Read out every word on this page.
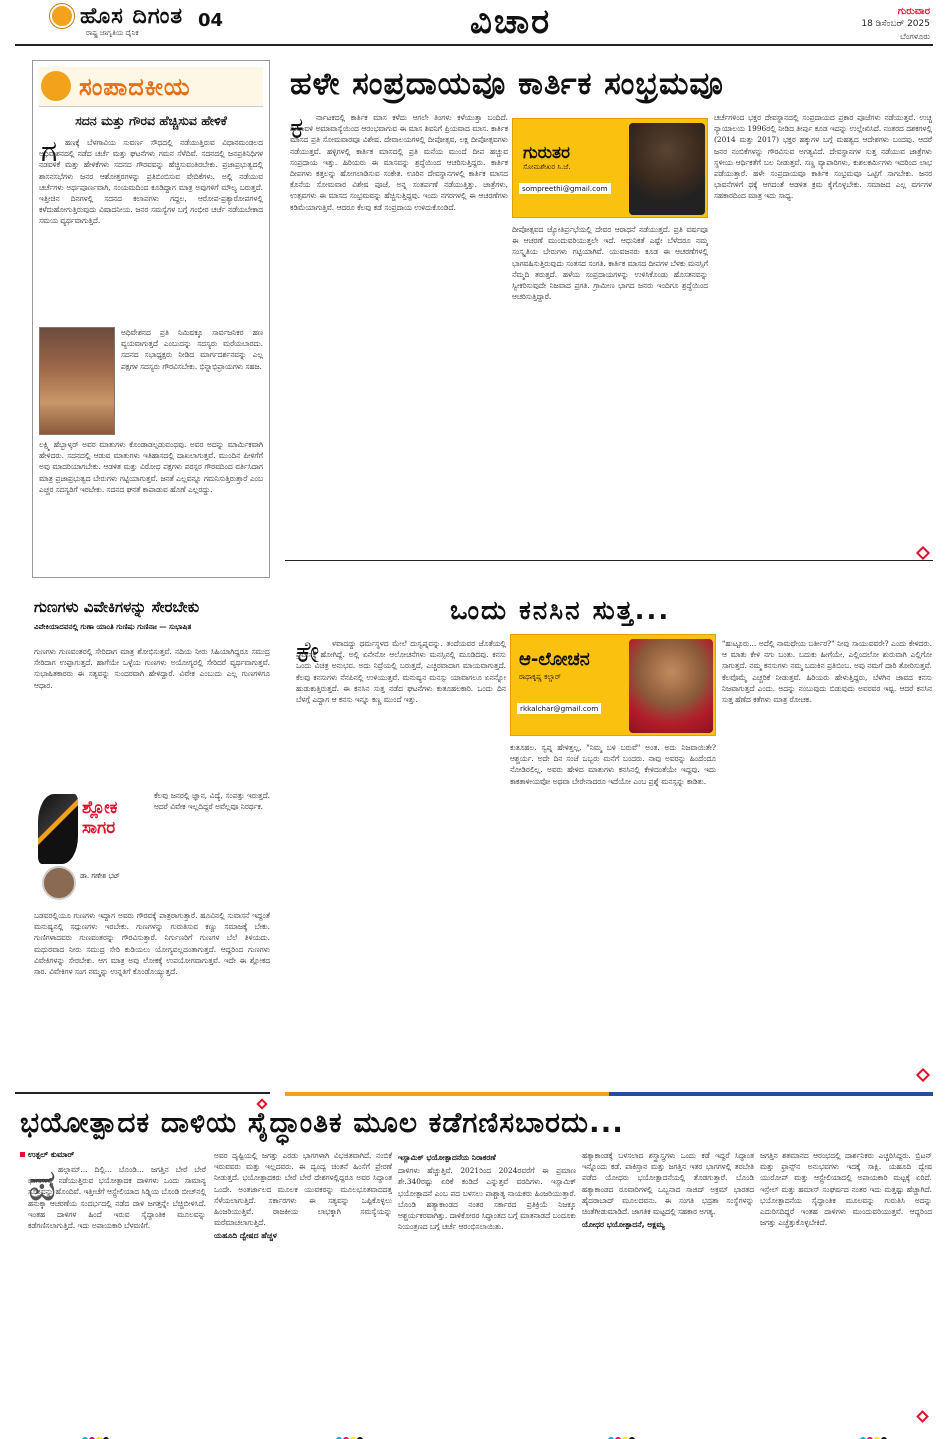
ಹೊಸ ದಿಗಂತ
ರಾಷ್ಟ್ರ ಜಾಗೃತಿಯ ದೈನಿಕ
04	ವಿಚಾರ	ಗುರುವಾರ
18 ಡಿಸೆಂಬರ್ 2025
ಬೆಂಗಳೂರು
ಸಂಪಾದಕೀಯ
ಸದನ ಮತ್ತು ಗೌರವ ಹೆಚ್ಚಿಸುವ ಹೇಳಿಕೆ
ಗ	ಹಣಕ್ಕೆ ಬೆಳಗಾವಿಯ ಸುವರ್ಣ ಸೌಧದಲ್ಲಿ ನಡೆಯುತ್ತಿರುವ ವಿಧಾನಮಂಡಲದ ಅಧಿವೇಶನದಲ್ಲಿ ನಡೆದ ಚರ್ಚೆ ಮತ್ತು ಘಟನೆಗಳು ಗಮನ ಸೆಳೆದಿವೆ. ಸದನದಲ್ಲಿ ಜನಪ್ರತಿನಿಧಿಗಳ ನಡವಳಿಕೆ ಮತ್ತು ಹೇಳಿಕೆಗಳು ಸದನದ ಗೌರವವನ್ನು ಹೆಚ್ಚಿಸುವಂತಿರಬೇಕು. ಪ್ರಜಾಪ್ರಭುತ್ವದಲ್ಲಿ ಶಾಸನಸಭೆಗಳು ಜನರ ಆಶೋತ್ತರಗಳನ್ನು ಪ್ರತಿಬಿಂಬಿಸುವ ವೇದಿಕೆಗಳು. ಅಲ್ಲಿ ನಡೆಯುವ ಚರ್ಚೆಗಳು ಅರ್ಥಪೂರ್ಣವಾಗಿ, ಸಂಯಮದಿಂದ ಕೂಡಿದ್ದಾಗ ಮಾತ್ರ ಅವುಗಳಿಗೆ ಮೌಲ್ಯ ಬರುತ್ತದೆ. ಇತ್ತೀಚಿನ ದಿನಗಳಲ್ಲಿ ಸದನದ ಕಲಾಪಗಳು ಗದ್ದಲ, ಆರೋಪ-ಪ್ರತ್ಯಾರೋಪಗಳಲ್ಲಿ ಕಳೆದುಹೋಗುತ್ತಿರುವುದು ವಿಷಾದನೀಯ. ಜನರ ಸಮಸ್ಯೆಗಳ ಬಗ್ಗೆ ಗಂಭೀರ ಚರ್ಚೆ ನಡೆಯಬೇಕಾದ ಸಮಯ ವ್ಯರ್ಥವಾಗುತ್ತಿದೆ.
ಅಧಿವೇಶನದ ಪ್ರತಿ ನಿಮಿಷಕ್ಕೂ ಸಾರ್ವಜನಿಕರ ಹಣ ವ್ಯಯವಾಗುತ್ತದೆ ಎಂಬುದನ್ನು ಸದಸ್ಯರು ಮರೆಯಬಾರದು. ಸದನದ ಸಭಾಧ್ಯಕ್ಷರು ನೀಡಿದ ಮಾರ್ಗದರ್ಶನವನ್ನು ಎಲ್ಲ ಪಕ್ಷಗಳ ಸದಸ್ಯರು ಗೌರವಿಸಬೇಕು. ಭಿನ್ನಾಭಿಪ್ರಾಯಗಳು ಸಹಜ.
ಲಕ್ಷ್ಮಿ ಹೆಬ್ಬಾಳ್ಕರ್ ಅವರ ಮಾತುಗಳು ಕೊಂಡಾಡಲ್ಪಡುವಂಥವು. ಅವರ ಅದನ್ನು ಮಾರ್ಮಿಕವಾಗಿ ಹೇಳಿದರು. ಸದನದಲ್ಲಿ ಆಡುವ ಮಾತುಗಳು ಇತಿಹಾಸದಲ್ಲಿ ದಾಖಲಾಗುತ್ತವೆ. ಮುಂದಿನ ಪೀಳಿಗೆಗೆ ಅವು ಮಾದರಿಯಾಗಬೇಕು. ಆಡಳಿತ ಮತ್ತು ವಿರೋಧ ಪಕ್ಷಗಳು ಪರಸ್ಪರ ಗೌರವದಿಂದ ವರ್ತಿಸಿದಾಗ ಮಾತ್ರ ಪ್ರಜಾಪ್ರಭುತ್ವದ ಬೇರುಗಳು ಗಟ್ಟಿಯಾಗುತ್ತವೆ. ಜನತೆ ಎಲ್ಲವನ್ನೂ ಗಮನಿಸುತ್ತಿರುತ್ತಾರೆ ಎಂಬ ಎಚ್ಚರ ಸದಸ್ಯರಿಗೆ ಇರಬೇಕು. ಸದನದ ಘನತೆ ಕಾಪಾಡುವ ಹೊಣೆ ಎಲ್ಲರದ್ದು.
ಹಳೇ ಸಂಪ್ರದಾಯವೂ ಕಾರ್ತಿಕ ಸಂಭ್ರಮವೂ
ಕ	ರ್ನಾಟಕದಲ್ಲಿ ಕಾರ್ತಿಕ ಮಾಸ ಕಳೆದು ಆಗಲೇ ತಿಂಗಳು ಕಳೆಯುತ್ತಾ ಬಂದಿದೆ. ದೀಪಾವಳಿ ಅಮಾವಾಸ್ಯೆಯಿಂದ ಆರಂಭವಾಗುವ ಈ ಮಾಸ ಶಿವನಿಗೆ ಪ್ರಿಯವಾದ ಮಾಸ. ಕಾರ್ತಿಕ ಮಾಸದ ಪ್ರತಿ ಸೋಮವಾರವೂ ವಿಶೇಷ. ದೇವಾಲಯಗಳಲ್ಲಿ ದೀಪೋತ್ಸವ, ಲಕ್ಷ ದೀಪೋತ್ಸವಗಳು ನಡೆಯುತ್ತವೆ. ಹಳ್ಳಿಗಳಲ್ಲಿ ಕಾರ್ತಿಕ ಮಾಸದಲ್ಲಿ ಪ್ರತಿ ಮನೆಯ ಮುಂದೆ ದೀಪ ಹಚ್ಚುವ ಸಂಪ್ರದಾಯ ಇತ್ತು. ಹಿರಿಯರು ಈ ಮಾಸವನ್ನು ಶ್ರದ್ಧೆಯಿಂದ ಆಚರಿಸುತ್ತಿದ್ದರು. ಕಾರ್ತಿಕ ದೀಪಗಳು ಕತ್ತಲನ್ನು ಹೋಗಲಾಡಿಸುವ ಸಂಕೇತ. ಊರಿನ ದೇವಸ್ಥಾನಗಳಲ್ಲಿ ಕಾರ್ತಿಕ ಮಾಸದ ಕೊನೆಯ ಸೋಮವಾರ ವಿಶೇಷ ಪೂಜೆ, ಅನ್ನ ಸಂತರ್ಪಣೆ ನಡೆಯುತ್ತಿತ್ತು. ಜಾತ್ರೆಗಳು, ಉತ್ಸವಗಳು ಈ ಮಾಸದ ಸಂಭ್ರಮವನ್ನು ಹೆಚ್ಚಿಸುತ್ತಿದ್ದವು. ಇಂದು ನಗರಗಳಲ್ಲಿ ಈ ಆಚರಣೆಗಳು ಕಡಿಮೆಯಾಗುತ್ತಿವೆ. ಆದರೂ ಕೆಲವು ಕಡೆ ಸಂಪ್ರದಾಯ ಉಳಿದುಕೊಂಡಿದೆ.
ಗುರುತರ
ಸೋಮಶೇಖರ ಸಿ.ಜೆ.
sompreethi@gmail.com
ದೀಪೋತ್ಸವದ ಜ್ಯೋತಿರ್ಪ್ರಭೆಯಲ್ಲಿ ದೇವರ ಆರಾಧನೆ ನಡೆಯುತ್ತದೆ. ಪ್ರತಿ ವರ್ಷವೂ ಈ ಆಚರಣೆ ಮುಂದುವರಿಯುತ್ತಲೇ ಇದೆ. ಆಧುನಿಕತೆ ಎಷ್ಟೇ ಬೆಳೆದರೂ ನಮ್ಮ ಸಂಸ್ಕೃತಿಯ ಬೇರುಗಳು ಗಟ್ಟಿಯಾಗಿವೆ. ಯುವಜನರು ಕೂಡ ಈ ಆಚರಣೆಗಳಲ್ಲಿ ಭಾಗವಹಿಸುತ್ತಿರುವುದು ಸಂತಸದ ಸಂಗತಿ. ಕಾರ್ತಿಕ ಮಾಸದ ದೀಪಗಳ ಬೆಳಕು ಮನಸ್ಸಿಗೆ ನೆಮ್ಮದಿ ತರುತ್ತದೆ. ಹಳೆಯ ಸಂಪ್ರದಾಯಗಳನ್ನು ಉಳಿಸಿಕೊಂಡು ಹೊಸತನವನ್ನು ಸ್ವೀಕರಿಸುವುದೇ ನಿಜವಾದ ಪ್ರಗತಿ. ಗ್ರಾಮೀಣ ಭಾಗದ ಜನರು ಇಂದಿಗೂ ಶ್ರದ್ಧೆಯಿಂದ ಆಚರಿಸುತ್ತಿದ್ದಾರೆ.
ಚರ್ಚೆಗಳಿಂದ ಭಕ್ತರ ದೇವಸ್ಥಾನದಲ್ಲಿ ಸಂಪ್ರದಾಯದ ಪ್ರಕಾರ ಪೂಜೆಗಳು ನಡೆಯುತ್ತವೆ. ಉಚ್ಚ ನ್ಯಾಯಾಲಯ 1996ರಲ್ಲಿ ನೀಡಿದ ತೀರ್ಪು ಕೂಡ ಇದನ್ನು ಉಲ್ಲೇಖಿಸಿದೆ. ನಂತರದ ದಶಕಗಳಲ್ಲಿ (2014 ಮತ್ತು 2017) ಭಕ್ತರ ಹಕ್ಕುಗಳ ಬಗ್ಗೆ ಮಹತ್ವದ ಆದೇಶಗಳು ಬಂದವು. ಆದರೆ ಜನರ ನಂಬಿಕೆಗಳನ್ನು ಗೌರವಿಸುವ ಅಗತ್ಯವಿದೆ. ದೇವಸ್ಥಾನಗಳ ಸುತ್ತ ನಡೆಯುವ ಜಾತ್ರೆಗಳು ಸ್ಥಳೀಯ ಆರ್ಥಿಕತೆಗೆ ಬಲ ನೀಡುತ್ತವೆ. ಸಣ್ಣ ವ್ಯಾಪಾರಿಗಳು, ಕುಶಲಕರ್ಮಿಗಳು ಇದರಿಂದ ಲಾಭ ಪಡೆಯುತ್ತಾರೆ. ಹಳೇ ಸಂಪ್ರದಾಯವೂ ಕಾರ್ತಿಕ ಸಂಭ್ರಮವೂ ಒಟ್ಟಿಗೆ ಸಾಗಬೇಕು. ಜನರ ಭಾವನೆಗಳಿಗೆ ಧಕ್ಕೆ ಆಗದಂತೆ ಆಡಳಿತ ಕ್ರಮ ಕೈಗೊಳ್ಳಬೇಕು. ಸಮಾಜದ ಎಲ್ಲ ವರ್ಗಗಳ ಸಹಕಾರದಿಂದ ಮಾತ್ರ ಇದು ಸಾಧ್ಯ.
ಗುಣಗಳು ವಿವೇಕಿಗಳನ್ನು ಸೇರಬೇಕು
ವಿವೇಕಿಯಾದವನಲ್ಲಿ ಗುಣಾ ಯಾಂತಿ ಗುಣಿಷು ಗುಣಿನಾಃ — ಸುಭಾಷಿತ
ಗುಣಗಳು ಗುಣವಂತರಲ್ಲಿ ಸೇರಿದಾಗ ಮಾತ್ರ ಶೋಭಿಸುತ್ತವೆ. ನದಿಯ ನೀರು ಸಿಹಿಯಾಗಿದ್ದರೂ ಸಮುದ್ರ ಸೇರಿದಾಗ ಉಪ್ಪಾಗುತ್ತದೆ. ಹಾಗೆಯೇ ಒಳ್ಳೆಯ ಗುಣಗಳು ಅಯೋಗ್ಯರಲ್ಲಿ ಸೇರಿದರೆ ವ್ಯರ್ಥವಾಗುತ್ತವೆ. ಸುಭಾಷಿತಕಾರರು ಈ ಸತ್ಯವನ್ನು ಸುಂದರವಾಗಿ ಹೇಳಿದ್ದಾರೆ. ವಿವೇಕ ಎಂಬುದು ಎಲ್ಲ ಗುಣಗಳಿಗೂ ಆಧಾರ.
ಶ್ಲೋಕ ಸಾಗರ
ಡಾ. ಗಣೇಶ ಭಟ್
ಕೆಲವು ಜನರಲ್ಲಿ ಜ್ಞಾನ, ವಿದ್ಯೆ, ಸಂಪತ್ತು ಇರುತ್ತದೆ. ಆದರೆ ವಿವೇಕ ಇಲ್ಲದಿದ್ದರೆ ಅವೆಲ್ಲವೂ ನಿರರ್ಥಕ.
ಬಡವರಲ್ಲಿಯೂ ಗುಣಗಳು ಇದ್ದಾಗ ಅವರು ಗೌರವಕ್ಕೆ ಪಾತ್ರರಾಗುತ್ತಾರೆ. ಹೂವಿನಲ್ಲಿ ಸುವಾಸನೆ ಇದ್ದಂತೆ ಮನುಷ್ಯನಲ್ಲಿ ಸದ್ಗುಣಗಳು ಇರಬೇಕು. ಗುಣಗಳನ್ನು ಗುರುತಿಸುವ ಕಣ್ಣು ಸಮಾಜಕ್ಕೆ ಬೇಕು. ಗುಣಿಗಳಾದವರು ಗುಣವಂತರನ್ನು ಗೌರವಿಸುತ್ತಾರೆ. ನಿರ್ಗುಣರಿಗೆ ಗುಣಗಳ ಬೆಲೆ ತಿಳಿಯದು. ಮಧುರವಾದ ನೀರು ಸಮುದ್ರ ಸೇರಿ ಕುಡಿಯಲು ಯೋಗ್ಯವಲ್ಲದಂತಾಗುತ್ತದೆ. ಆದ್ದರಿಂದ ಗುಣಗಳು ವಿವೇಕಿಗಳನ್ನು ಸೇರಬೇಕು. ಆಗ ಮಾತ್ರ ಅವು ಲೋಕಕ್ಕೆ ಉಪಯೋಗವಾಗುತ್ತವೆ. ಇದೇ ಈ ಶ್ಲೋಕದ ಸಾರ. ವಿವೇಕಿಗಳ ಸಂಗ ನಮ್ಮನ್ನು ಉನ್ನತಿಗೆ ಕೊಂಡೊಯ್ಯುತ್ತದೆ.
ಒಂದು ಕನಸಿನ ಸುತ್ತ...
ಕೇ	ಳವಾದದ್ದು ಧರ್ಮಸ್ಥಳದ ಮೇಲೆ ದುಸ್ವಪ್ನವನ್ನು. ತಂದೆಯವರ ಜೊತೆಯಲ್ಲಿ ಪ್ರವಾಸಕ್ಕೆ ಹೋಗಿದ್ದೆ. ಅಲ್ಲಿ ಏನೇನೋ ಆಲೋಚನೆಗಳು ಮನಸ್ಸಿನಲ್ಲಿ ಮೂಡಿದವು. ಕನಸು ಒಂದು ವಿಚಿತ್ರ ಅನುಭವ. ಅದು ನಿದ್ರೆಯಲ್ಲಿ ಬರುತ್ತದೆ, ಎಚ್ಚರವಾದಾಗ ಮಾಯವಾಗುತ್ತದೆ. ಕೆಲವು ಕನಸುಗಳು ನೆನಪಿನಲ್ಲಿ ಉಳಿಯುತ್ತವೆ. ಮನುಷ್ಯನ ಮನಸ್ಸು ಯಾವಾಗಲೂ ಏನನ್ನೋ ಹುಡುಕುತ್ತಿರುತ್ತದೆ. ಈ ಕನಸಿನ ಸುತ್ತ ನಡೆದ ಘಟನೆಗಳು ಕುತೂಹಲಕಾರಿ. ಒಂದು ದಿನ ಬೆಳಗ್ಗೆ ಎದ್ದಾಗ ಆ ಕನಸು ಇನ್ನೂ ಕಣ್ಣ ಮುಂದೆ ಇತ್ತು.
ಆ-ಲೋಚನ
ರಾಧಾಕೃಷ್ಣ ಕಲ್ಚಾರ್
rkkalchar@gmail.com
ಕುತೂಹಲ. ಸ್ವಪ್ನ ಹೇಳಿತ್ತಲ್ಲ, "ನಿಮ್ಮ ಬಳಿ ಬರುವೆ" ಅಂತ. ಅದು ನಿಜವಾಯಿತೇ? ಆಶ್ಚರ್ಯ. ಅದೇ ದಿನ ಸಂಜೆ ಒಬ್ಬರು ಮನೆಗೆ ಬಂದರು. ನಾವು ಅವರನ್ನು ಹಿಂದೆಂದೂ ನೋಡಿರಲಿಲ್ಲ. ಅವರು ಹೇಳಿದ ಮಾತುಗಳು ಕನಸಿನಲ್ಲಿ ಕೇಳಿದಂತೆಯೇ ಇದ್ದವು. ಇದು ಕಾಕತಾಳೀಯವೋ ಅಥವಾ ಬೇರೇನಾದರೂ ಇದೆಯೋ ಎಂಬ ಪ್ರಶ್ನೆ ಮನಸ್ಸನ್ನು ಕಾಡಿತು.
"ಹುಟ್ಟೂರು... ಅದೆಲ್ಲಿ ನಾಮಧೇಯ ಬರ್ತೀರ?" ನೀವು ಸಾಯುವವರೇ? ಎಂದು ಕೇಳಿದರು. ಆ ಮಾತು ಕೇಳಿ ನಗು ಬಂತು. ಬದುಕು ಹೀಗೆಯೇ, ಎಲ್ಲಿಂದಲೋ ಶುರುವಾಗಿ ಎಲ್ಲಿಗೋ ಸಾಗುತ್ತದೆ. ನಮ್ಮ ಕನಸುಗಳು ನಮ್ಮ ಬದುಕಿನ ಪ್ರತಿಬಿಂಬ. ಅವು ನಮಗೆ ದಾರಿ ತೋರಿಸುತ್ತವೆ. ಕೆಲವೊಮ್ಮೆ ಎಚ್ಚರಿಕೆ ನೀಡುತ್ತವೆ. ಹಿರಿಯರು ಹೇಳುತ್ತಿದ್ದರು, ಬೆಳಗಿನ ಜಾವದ ಕನಸು ನಿಜವಾಗುತ್ತದೆ ಎಂದು. ಅದನ್ನು ನಂಬುವುದು ಬಿಡುವುದು ಅವರವರ ಇಷ್ಟ. ಆದರೆ ಕನಸಿನ ಸುತ್ತ ಹೆಣೆದ ಕತೆಗಳು ಮಾತ್ರ ರೋಚಕ.
ಭಯೋತ್ಪಾದಕ ದಾಳಿಯ ಸೈದ್ಧಾಂತಿಕ ಮೂಲ ಕಡೆಗಣಿಸಬಾರದು...
ಉತ್ಪಲ್ ಕುಮಾರ್
ಪ ಹಲ್ಗಾಮ್... ದಿಲ್ಲಿ... ಬೊಂಡಿ... ಜಗತ್ತಿನ ಬೇರೆ ಬೇರೆ ಭಾಗಗಳಲ್ಲಿ ನಡೆಯುತ್ತಿರುವ ಭಯೋತ್ಪಾದಕ ದಾಳಿಗಳು ಒಂದು ಸಾಮಾನ್ಯ ಸೂತ್ರವನ್ನು ಹೊಂದಿವೆ. ಇತ್ತೀಚೆಗೆ ಆಸ್ಟ್ರೇಲಿಯಾದ ಸಿಡ್ನಿಯ ಬೊಂಡಿ ಬೀಚ್‌ನಲ್ಲಿ ಹನುಕ್ಕಾ ಆಚರಣೆಯ ಸಂದರ್ಭದಲ್ಲಿ ನಡೆದ ದಾಳಿ ಜಗತ್ತನ್ನೇ ಬೆಚ್ಚಿಬೀಳಿಸಿದೆ. ಇಂತಹ ದಾಳಿಗಳ ಹಿಂದೆ ಇರುವ ಸೈದ್ಧಾಂತಿಕ ಮೂಲವನ್ನು ಕಡೆಗಣಿಸಲಾಗುತ್ತಿದೆ. ಇದು ಅಪಾಯಕಾರಿ ಬೆಳವಣಿಗೆ.
ಅವರ ದೃಷ್ಟಿಯಲ್ಲಿ ಜಗತ್ತು ಎರಡು ಭಾಗಗಳಾಗಿ ವಿಭಜಿತವಾಗಿದೆ. ನಂಬಿಕೆ ಇರುವವರು ಮತ್ತು ಇಲ್ಲದವರು. ಈ ದ್ವಂದ್ವ ಚಿಂತನೆ ಹಿಂಸೆಗೆ ಪ್ರೇರಣೆ ನೀಡುತ್ತದೆ. ಭಯೋತ್ಪಾದಕರು ಬೇರೆ ಬೇರೆ ದೇಶಗಳಲ್ಲಿದ್ದರೂ ಅವರ ಸಿದ್ಧಾಂತ ಒಂದೇ. ಅಂತರ್ಜಾಲದ ಮೂಲಕ ಯುವಕರನ್ನು ಮೂಲಭೂತವಾದದತ್ತ ಸೆಳೆಯಲಾಗುತ್ತಿದೆ. ಸರ್ಕಾರಗಳು ಈ ಸತ್ಯವನ್ನು ಒಪ್ಪಿಕೊಳ್ಳಲು ಹಿಂಜರಿಯುತ್ತಿವೆ. ರಾಜಕೀಯ ಲಾಭಕ್ಕಾಗಿ ಸಮಸ್ಯೆಯನ್ನು ಮರೆಮಾಚಲಾಗುತ್ತಿದೆ.
ಯಹೂದಿ ದ್ವೇಷದ ಹೆಚ್ಚಳ
ಇಸ್ಲಾಮಿಕ್ ಭಯೋತ್ಪಾದನೆಯ ನಿರಾಕರಣೆ
ದಾಳಿಗಳು ಹೆಚ್ಚುತ್ತಿವೆ. 2021ರಿಂದ 2024ರವರೆಗೆ ಈ ಪ್ರಮಾಣ ಶೇ.340ರಷ್ಟು ಏರಿಕೆ ಕಂಡಿದೆ ಎನ್ನುತ್ತವೆ ವರದಿಗಳು. ಇಸ್ಲಾಮಿಕ್ ಭಯೋತ್ಪಾದನೆ ಎಂಬ ಪದ ಬಳಸಲು ಪಾಶ್ಚಾತ್ಯ ನಾಯಕರು ಹಿಂಜರಿಯುತ್ತಾರೆ. ಬೊಂಡಿ ಹತ್ಯಾಕಾಂಡದ ನಂತರ ಸರ್ಕಾರದ ಪ್ರತಿಕ್ರಿಯೆ ನಿಜಕ್ಕೂ ಆಶ್ಚರ್ಯಕರವಾಗಿತ್ತು. ದಾಳಿಕೋರರ ಸಿದ್ಧಾಂತದ ಬಗ್ಗೆ ಮಾತನಾಡದೆ ಬಂದೂಕು ನಿಯಂತ್ರಣದ ಬಗ್ಗೆ ಚರ್ಚೆ ಆರಂಭಿಸಲಾಯಿತು.
ಹತ್ಯಾಕಾಂಡಕ್ಕೆ ಬಳಸಲಾದ ಶಸ್ತ್ರಾಸ್ತ್ರಗಳು ಒಂದು ಕಡೆ ಇದ್ದರೆ ಸಿದ್ಧಾಂತ ಇನ್ನೊಂದು ಕಡೆ. ಪಾಕಿಸ್ತಾನ ಮತ್ತು ಜಗತ್ತಿನ ಇತರ ಭಾಗಗಳಲ್ಲಿ ತರಬೇತಿ ಪಡೆದ ಯೋಧರು ಭಯೋತ್ಪಾದನೆಯಲ್ಲಿ ತೊಡಗುತ್ತಾರೆ. ಬೊಂಡಿ ಹತ್ಯಾಕಾಂಡದ ರೂವಾರಿಗಳಲ್ಲಿ ಒಬ್ಬನಾದ ಸಾಜಿದ್ ಅಕ್ರಮ್ ಭಾರತದ ಹೈದರಾಬಾದ್ ಮೂಲದವನು. ಈ ಸಂಗತಿ ಭದ್ರತಾ ಸಂಸ್ಥೆಗಳನ್ನು ಚಿಂತೆಗೀಡುಮಾಡಿದೆ. ಜಾಗತಿಕ ಮಟ್ಟದಲ್ಲಿ ಸಹಕಾರ ಅಗತ್ಯ.
ಯೋಧರ ಭಯೋತ್ಪಾದನೆ, ಅಕ್ಷಮ್ಯ
ಜಗತ್ತಿನ ಶತಮಾನದ ಆರಂಭದಲ್ಲಿ ದಾರ್ಶನಿಕರು ಎಚ್ಚರಿಸಿದ್ದರು. ಬ್ರಿಟನ್ ಮತ್ತು ಫ್ರಾನ್ಸ್‌ನ ಅನುಭವಗಳು ಇದಕ್ಕೆ ಸಾಕ್ಷಿ. ಯಹೂದಿ ದ್ವೇಷ ಯುರೋಪ್ ಮತ್ತು ಆಸ್ಟ್ರೇಲಿಯಾದಲ್ಲಿ ಅಪಾಯಕಾರಿ ಮಟ್ಟಕ್ಕೆ ಏರಿದೆ. ಇಸ್ರೇಲ್ ಮತ್ತು ಹಮಾಸ್ ಸಂಘರ್ಷದ ನಂತರ ಇದು ಮತ್ತಷ್ಟು ಹೆಚ್ಚಾಗಿದೆ. ಭಯೋತ್ಪಾದನೆಯ ಸೈದ್ಧಾಂತಿಕ ಮೂಲವನ್ನು ಗುರುತಿಸಿ ಅದನ್ನು ಎದುರಿಸದಿದ್ದರೆ ಇಂತಹ ದಾಳಿಗಳು ಮುಂದುವರಿಯುತ್ತವೆ. ಆದ್ದರಿಂದ ಜಗತ್ತು ಎಚ್ಚೆತ್ತುಕೊಳ್ಳಬೇಕಿದೆ.
